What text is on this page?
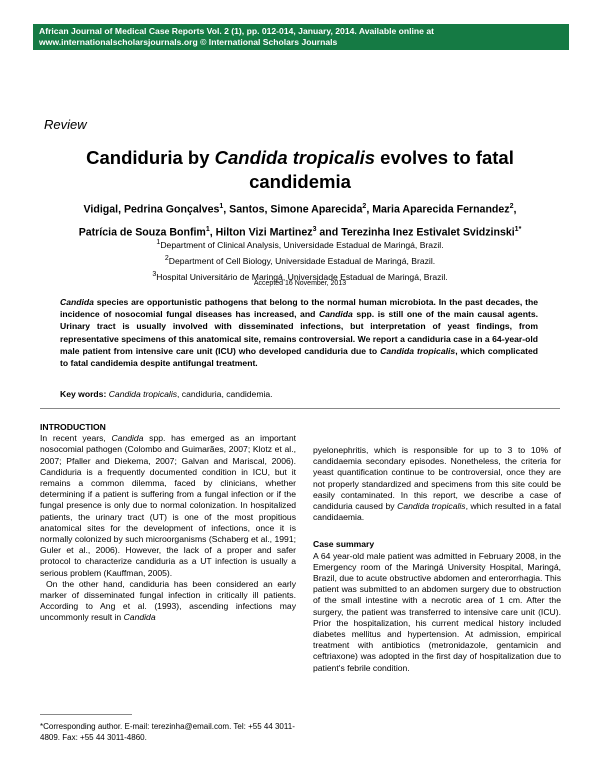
African Journal of Medical Case Reports Vol. 2 (1), pp. 012-014, January, 2014. Available online at
www.internationalscholarsjournals.org © International Scholars Journals
Review
Candiduria by Candida tropicalis evolves to fatal candidemia
Vidigal, Pedrina Gonçalves$^1$, Santos, Simone Aparecida$^2$, Maria Aparecida Fernandez$^2$,
Patrícia de Souza Bonfim$^1$, Hilton Vizi Martinez$^3$ and Terezinha Inez Estivalet Svidzinski$^{1*}$
$^1$Department of Clinical Analysis, Universidade Estadual de Maringá, Brazil.
$^2$Department of Cell Biology, Universidade Estadual de Maringá, Brazil.
$^3$Hospital Universitário de Maringá, Universidade Estadual de Maringá, Brazil.
Accepted 16 November, 2013
Candida species are opportunistic pathogens that belong to the normal human microbiota. In the past decades, the incidence of nosocomial fungal diseases has increased, and Candida spp. is still one of the main causal agents. Urinary tract is usually involved with disseminated infections, but interpretation of yeast findings, from representative specimens of this anatomical site, remains controversial. We report a candiduria case in a 64-year-old male patient from intensive care unit (ICU) who developed candiduria due to Candida tropicalis, which complicated to fatal candidemia despite antifungal treatment.
Key words: Candida tropicalis, candiduria, candidemia.

INTRODUCTION

In recent years, Candida spp. has emerged as an important nosocomial pathogen (Colombo and Guimarães, 2007; Klotz et al., 2007; Pfaller and Diekema, 2007; Galvan and Mariscal, 2006). Candiduria is a frequently documented condition in ICU, but it remains a common dilemma, faced by clinicians, whether determining if a patient is suffering from a fungal infection or if the fungal presence is only due to normal colonization. In hospitalized patients, the urinary tract (UT) is one of the most propitious anatomical sites for the development of infections, once it is normally colonized by such microorganisms (Schaberg et al., 1991; Guler et al., 2006). However, the lack of a proper and safer protocol to characterize candiduria as a UT infection is usually a serious problem (Kauffman, 2005).

On the other hand, candiduria has been considered an early marker of disseminated fungal infection in critically ill patients. According to Ang et al. (1993), ascending infections may uncommonly result in Candida

pyelonephritis, which is responsible for up to 3 to 10% of candidaemia secondary episodes. Nonetheless, the criteria for yeast quantification continue to be controversial, once they are not properly standardized and specimens from this site could be easily contaminated. In this report, we describe a case of candiduria caused by Candida tropicalis, which resulted in a fatal candidaemia.

Case summary

A 64 year-old male patient was admitted in February 2008, in the Emergency room of the Maringá University Hospital, Maringá, Brazil, due to acute obstructive abdomen and enterorrhagia. This patient was submitted to an abdomen surgery due to obstruction of the small intestine with a necrotic area of 1 cm. After the surgery, the patient was transferred to intensive care unit (ICU). Prior the hospitalization, his current medical history included diabetes mellitus and hypertension. At admission, empirical treatment with antibiotics (metronidazole, gentamicin and ceftriaxone) was adopted in the first day of hospitalization due to patient's febrile condition.

*Corresponding author. E-mail: terezinha@email.com. Tel: +55 44 3011-4809. Fax: +55 44 3011-4860.
